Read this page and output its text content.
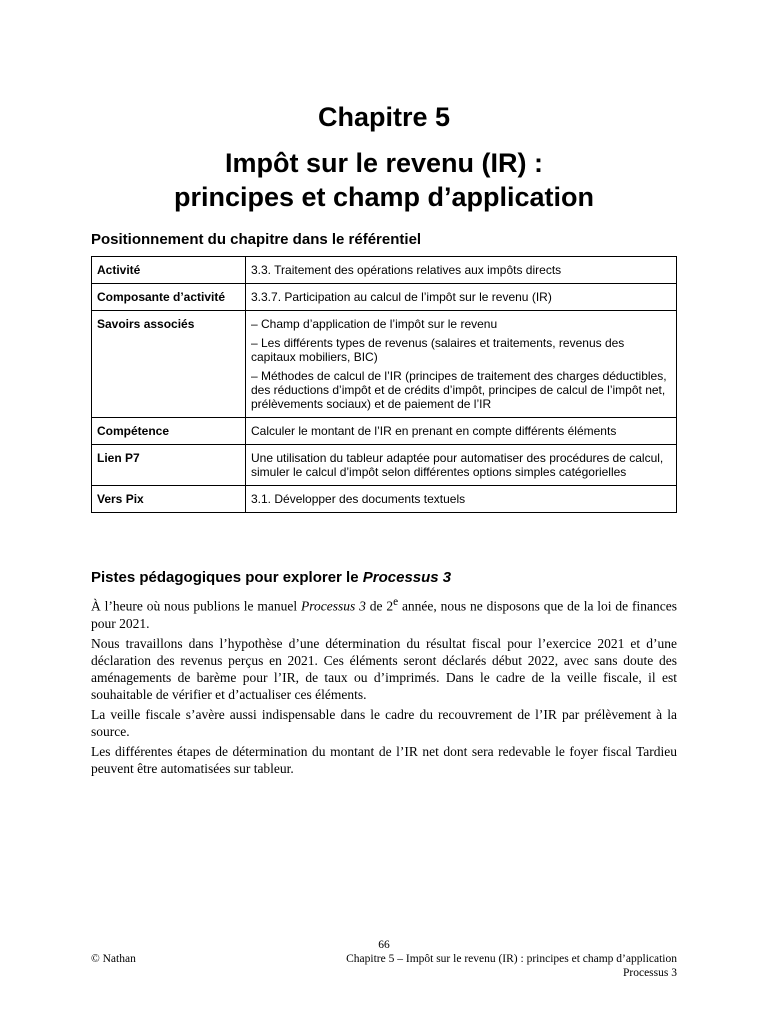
Chapitre 5
Impôt sur le revenu (IR) :
principes et champ d’application
Positionnement du chapitre dans le référentiel
Activité	3.3. Traitement des opérations relatives aux impôts directs

Composante d’activité	3.3.7. Participation au calcul de l’impôt sur le revenu (IR)

Savoirs associés	– Champ d’application de l’impôt sur le revenu

– Les différents types de revenus (salaires et traitements, revenus des capitaux mobiliers, BIC)

– Méthodes de calcul de l’IR (principes de traitement des charges déductibles, des réductions d’impôt et de crédits d’impôt, principes de calcul de l’impôt net, prélèvements sociaux) et de paiement de l’IR

Compétence	Calculer le montant de l’IR en prenant en compte différents éléments

Lien P7	Une utilisation du tableur adaptée pour automatiser des procédures de calcul, simuler le calcul d’impôt selon différentes options simples catégorielles

Vers Pix	3.1. Développer des documents textuels

Pistes pédagogiques pour explorer le Processus 3

À l’heure où nous publions le manuel Processus 3 de 2e année, nous ne disposons que de la loi de finances pour 2021.

Nous travaillons dans l’hypothèse d’une détermination du résultat fiscal pour l’exercice 2021 et d’une déclaration des revenus perçus en 2021. Ces éléments seront déclarés début 2022, avec sans doute des aménagements de barème pour l’IR, de taux ou d’imprimés. Dans le cadre de la veille fiscale, il est souhaitable de vérifier et d’actualiser ces éléments.

La veille fiscale s’avère aussi indispensable dans le cadre du recouvrement de l’IR par prélèvement à la source.

Les différentes étapes de détermination du montant de l’IR net dont sera redevable le foyer fiscal Tardieu peuvent être automatisées sur tableur.

66
© Nathan	Chapitre 5 – Impôt sur le revenu (IR) : principes et champ d’application
Processus 3
